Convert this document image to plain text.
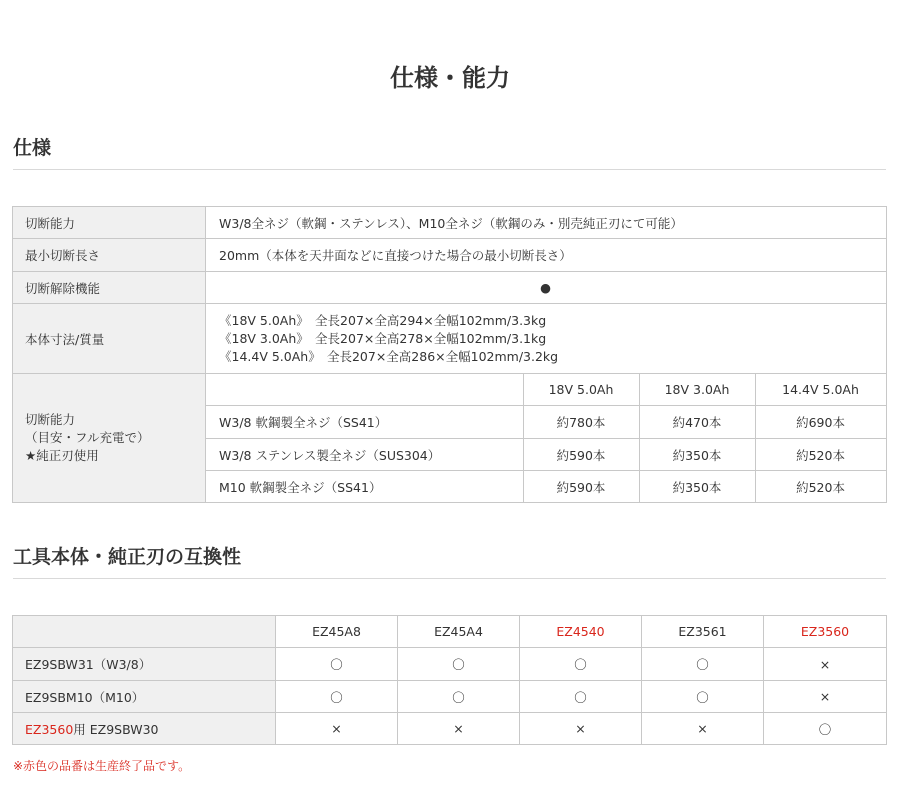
仕様・能力
仕様
切断能力	W3/8全ネジ（軟鋼・ステンレス）、M10全ネジ（軟鋼のみ・別売純正刃にて可能）			
最小切断長さ	20mm（本体を天井面などに直接つけた場合の最小切断長さ）			
切断解除機能	●			
本体寸法/質量	《18V 5.0Ah》　全長207×全高294×全幅102mm/3.3kg
《18V 3.0Ah》　全長207×全高278×全幅102mm/3.1kg
《14.4V 5.0Ah》　全長207×全高286×全幅102mm/3.2kg			

切断能力
（目安・フル充電で）
★純正刃使用		18V 5.0Ah	18V 3.0Ah	14.4V 5.0Ah
	W3/8 軟鋼製全ネジ（SS41）	約780本	約470本	約690本
	W3/8 ステンレス製全ネジ（SUS304）	約590本	約350本	約520本
	M10 軟鋼製全ネジ（SS41）	約590本	約350本	約520本
工具本体・純正刃の互換性
	EZ45A8	EZ45A4	EZ4540	EZ3561	EZ3560
EZ9SBW31（W3/8）	〇	〇	〇	〇	×
EZ9SBM10（M10）	〇	〇	〇	〇	×
EZ3560用 EZ9SBW30	×	×	×	×	〇
※赤色の品番は生産終了品です。
